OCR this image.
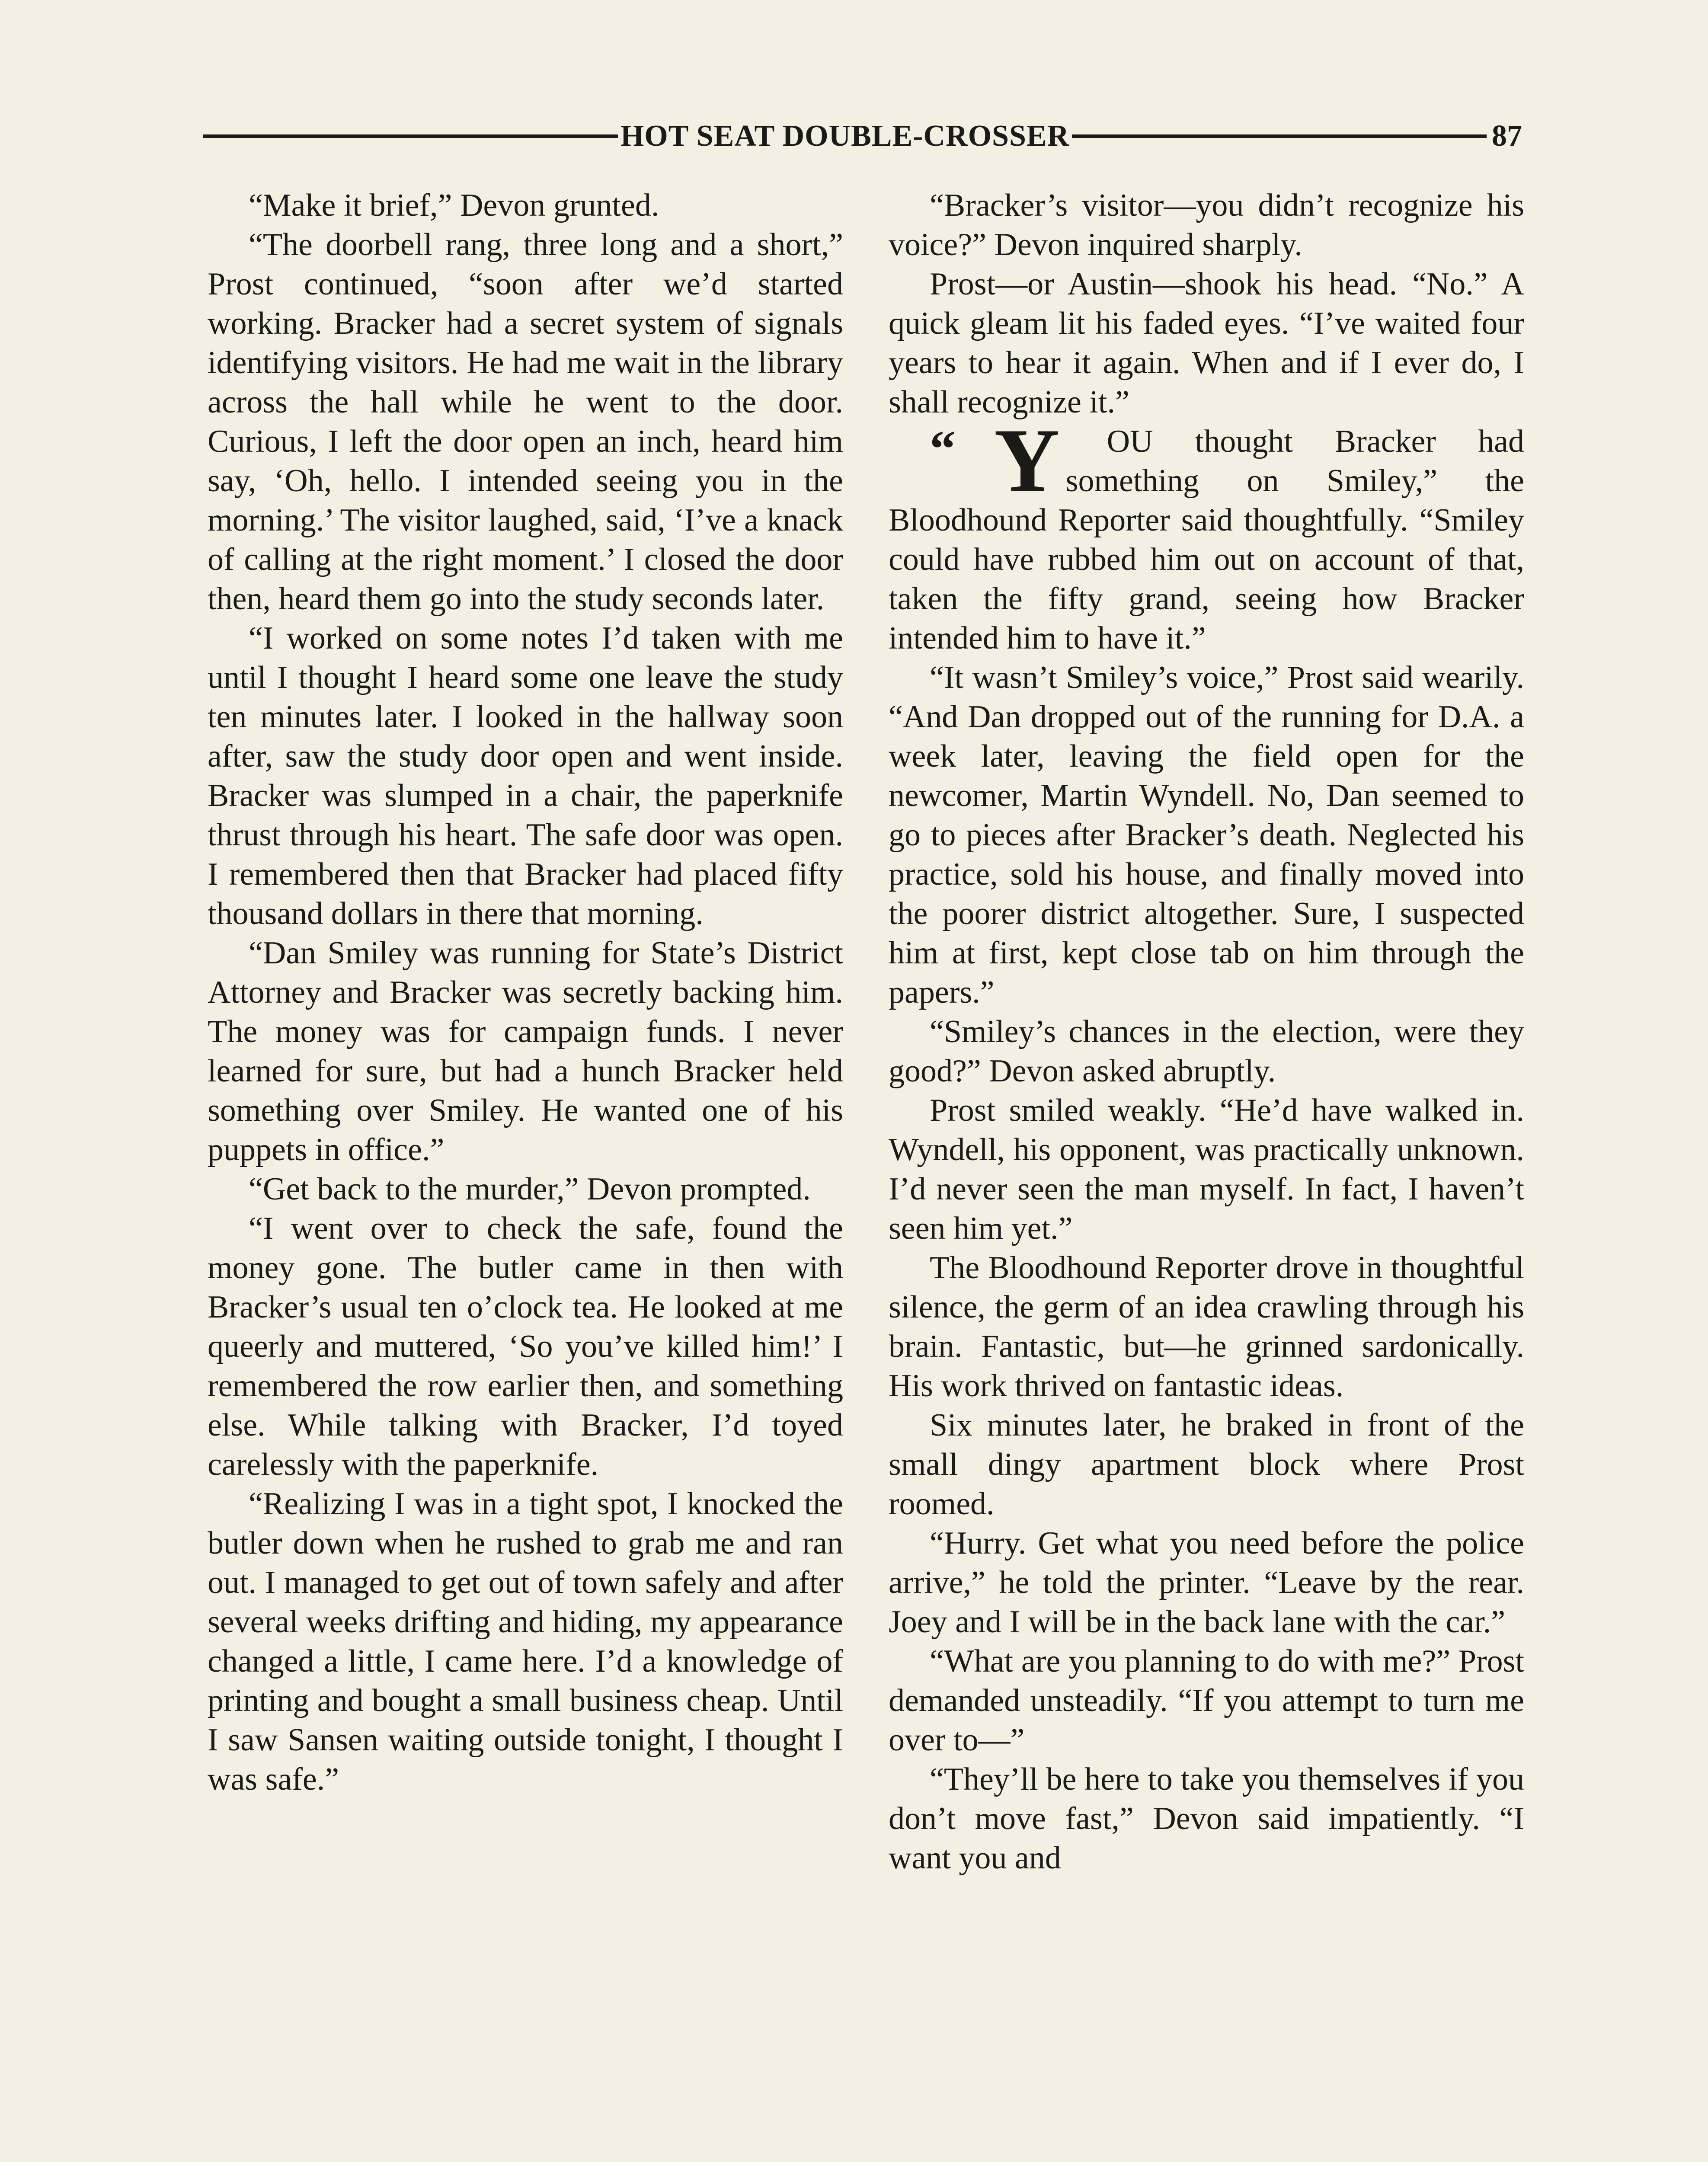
HOT SEAT DOUBLE-CROSSER	87

“Make it brief,” Devon grunted.

“The doorbell rang, three long and a short,” Prost continued, “soon after we’d started working. Bracker had a secret system of signals identifying visitors. He had me wait in the library across the hall while he went to the door. Curious, I left the door open an inch, heard him say, ‘Oh, hello. I intended seeing you in the morning.’ The visitor laughed, said, ‘I’ve a knack of calling at the right moment.’ I closed the door then, heard them go into the study seconds later.

“I worked on some notes I’d taken with me until I thought I heard some one leave the study ten minutes later. I looked in the hallway soon after, saw the study door open and went inside. Bracker was slumped in a chair, the paperknife thrust through his heart. The safe door was open. I remembered then that Bracker had placed fifty thousand dollars in there that morning.

“Dan Smiley was running for State’s District Attorney and Bracker was secretly backing him. The money was for campaign funds. I never learned for sure, but had a hunch Bracker held something over Smiley. He wanted one of his puppets in office.”

“Get back to the murder,” Devon prompted.

“I went over to check the safe, found the money gone. The butler came in then with Bracker’s usual ten o’clock tea. He looked at me queerly and muttered, ‘So you’ve killed him!’ I remembered the row earlier then, and something else. While talking with Bracker, I’d toyed carelessly with the paperknife.

“Realizing I was in a tight spot, I knocked the butler down when he rushed to grab me and ran out. I managed to get out of town safely and after several weeks drifting and hiding, my appearance changed a little, I came here. I’d a knowledge of printing and bought a small business cheap. Until I saw Sansen waiting outside tonight, I thought I was safe.”

“Bracker’s visitor—you didn’t recognize his voice?” Devon inquired sharply.

Prost—or Austin—shook his head. “No.” A quick gleam lit his faded eyes. “I’ve waited four years to hear it again. When and if I ever do, I shall recognize it.”

“ Y OU thought Bracker had something on Smiley,” the Bloodhound Reporter said thoughtfully. “Smiley could have rubbed him out on account of that, taken the fifty grand, seeing how Bracker intended him to have it.”

“It wasn’t Smiley’s voice,” Prost said wearily. “And Dan dropped out of the running for D.A. a week later, leaving the field open for the newcomer, Martin Wyndell. No, Dan seemed to go to pieces after Bracker’s death. Neglected his practice, sold his house, and finally moved into the poorer district altogether. Sure, I suspected him at first, kept close tab on him through the papers.”

“Smiley’s chances in the election, were they good?” Devon asked abruptly.

Prost smiled weakly. “He’d have walked in. Wyndell, his opponent, was practically unknown. I’d never seen the man myself. In fact, I haven’t seen him yet.”

The Bloodhound Reporter drove in thoughtful silence, the germ of an idea crawling through his brain. Fantastic, but—he grinned sardonically. His work thrived on fantastic ideas.

Six minutes later, he braked in front of the small dingy apartment block where Prost roomed.

“Hurry. Get what you need before the police arrive,” he told the printer. “Leave by the rear. Joey and I will be in the back lane with the car.”

“What are you planning to do with me?” Prost demanded unsteadily. “If you attempt to turn me over to—”

“They’ll be here to take you themselves if you don’t move fast,” Devon said impatiently. “I want you and
